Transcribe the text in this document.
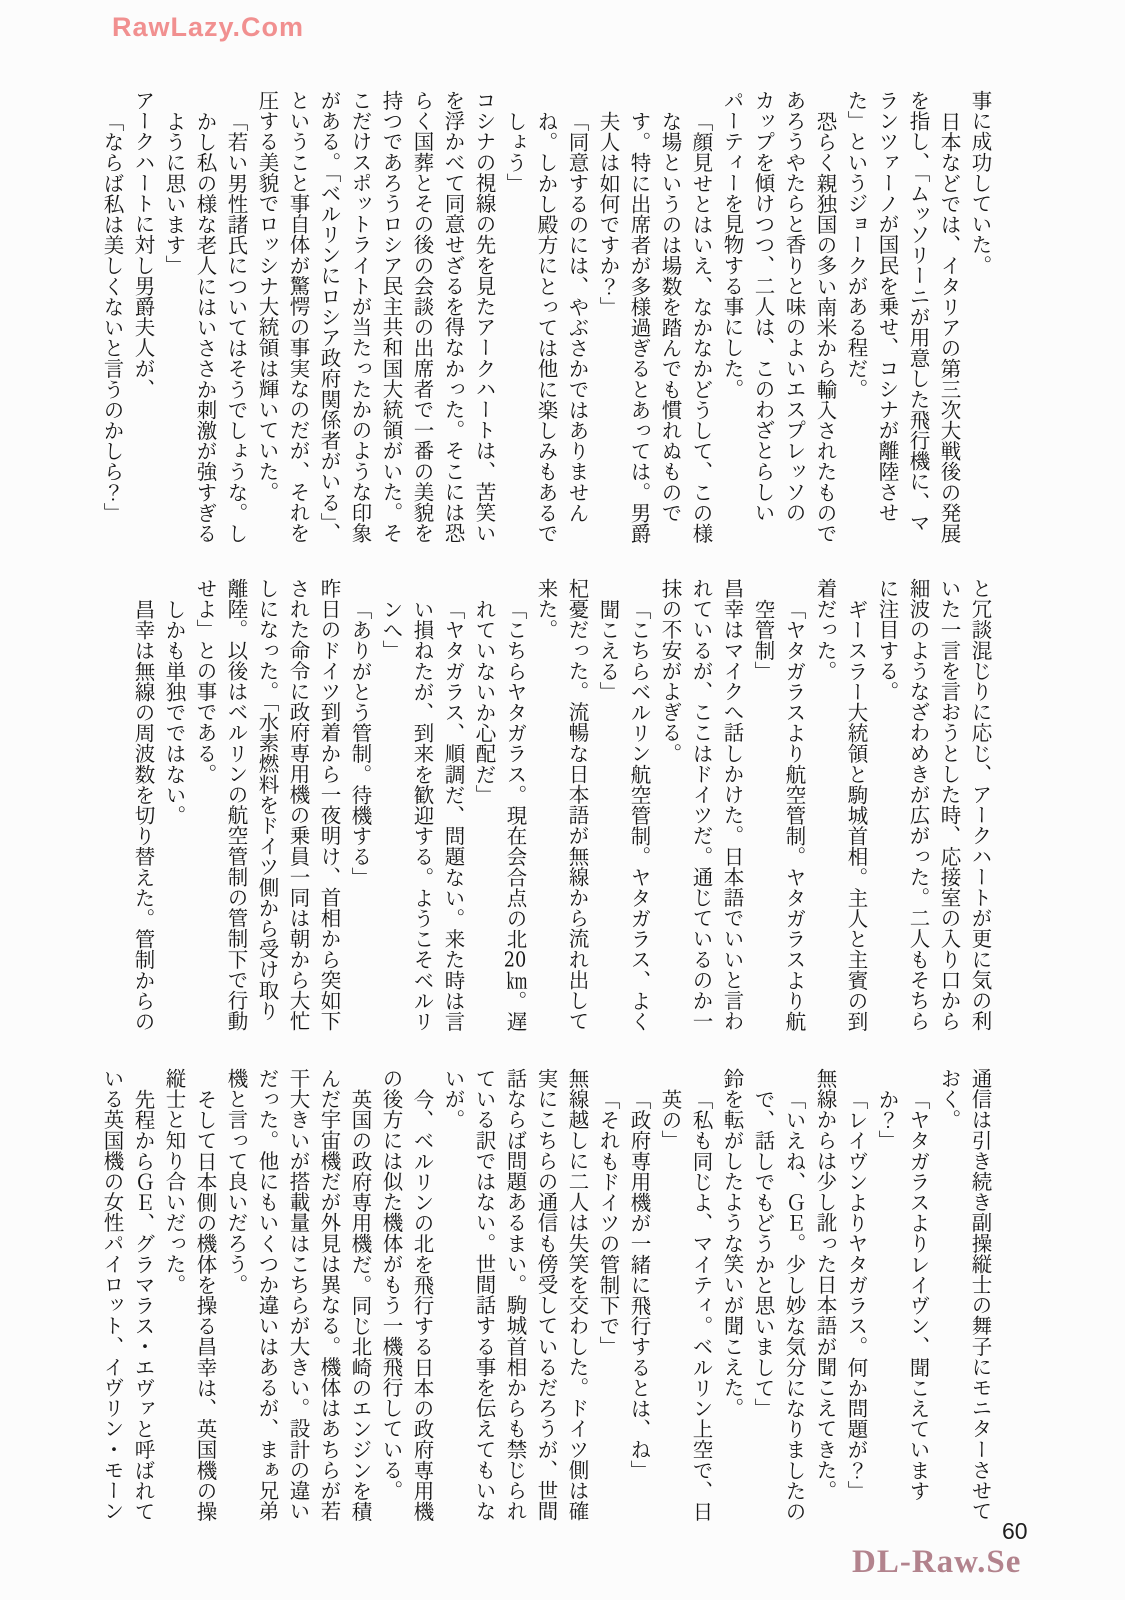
RawLazy.Com

事に成功していた。

日本などでは、イタリアの第三次大戦後の発展を指し、「ムッソリーニが用意した飛行機に、マランツァーノが国民を乗せ、コシナが離陸させた」というジョークがある程だ。

恐らく親独国の多い南米から輸入されたものであろうやたらと香りと味のよいエスプレッソのカップを傾けつつ、二人は、このわざとらしいパーティーを見物する事にした。

「顔見せとはいえ、なかなかどうして、この様な場というのは場数を踏んでも慣れぬものです。特に出席者が多様過ぎるとあっては。男爵夫人は如何ですか？」

「同意するのには、やぶさかではありませんね。しかし殿方にとっては他に楽しみもあるでしょう」

コシナの視線の先を見たアークハートは、苦笑いを浮かべて同意せざるを得なかった。そこには恐らく国葬とその後の会談の出席者で一番の美貌を持つであろうロシア民主共和国大統領がいた。そこだけスポットライトが当たったかのような印象がある。「ベルリンにロシア政府関係者がいる」、ということ事自体が驚愕の事実なのだが、それを圧する美貌でロッシナ大統領は輝いていた。

「若い男性諸氏についてはそうでしょうな。しかし私の様な老人にはいささか刺激が強すぎるように思います」

アークハートに対し男爵夫人が、

「ならば私は美しくないと言うのかしら？」

と冗談混じりに応じ、アークハートが更に気の利いた一言を言おうとした時、応接室の入り口から細波のようなざわめきが広がった。二人もそちらに注目する。

ギースラー大統領と駒城首相。主人と主賓の到着だった。

「ヤタガラスより航空管制。ヤタガラスより航空管制」

昌幸はマイクへ話しかけた。日本語でいいと言われているが、ここはドイツだ。通じているのか一抹の不安がよぎる。

「こちらベルリン航空管制。ヤタガラス、よく聞こえる」

杞憂だった。流暢な日本語が無線から流れ出して来た。

「こちらヤタガラス。現在会合点の北20㎞。遅れていないか心配だ」

「ヤタガラス、順調だ、問題ない。来た時は言い損ねたが、到来を歓迎する。ようこそベルリンへ」

「ありがとう管制。待機する」

昨日のドイツ到着から一夜明け、首相から突如下された命令に政府専用機の乗員一同は朝から大忙しになった。「水素燃料をドイツ側から受け取り離陸。以後はベルリンの航空管制の管制下で行動せよ」との事である。

しかも単独でではない。

昌幸は無線の周波数を切り替えた。管制からの

通信は引き続き副操縦士の舞子にモニターさせておく。

「ヤタガラスよりレイヴン、聞こえていますか？」

「レイヴンよりヤタガラス。何か問題が？」

無線からは少し訛った日本語が聞こえてきた。

「いえね、ＧＥ。少し妙な気分になりましたので、話しでもどうかと思いまして」

鈴を転がしたような笑いが聞こえた。

「私も同じよ、マイティ。ベルリン上空で、日英の」

「政府専用機が一緒に飛行するとは、ね」

「それもドイツの管制下で」

無線越しに二人は失笑を交わした。ドイツ側は確実にこちらの通信も傍受しているだろうが、世間話ならば問題あるまい。駒城首相からも禁じられている訳ではない。世間話する事を伝えてもいないが。

今、ベルリンの北を飛行する日本の政府専用機の後方には似た機体がもう一機飛行している。

英国の政府専用機だ。同じ北崎のエンジンを積んだ宇宙機だが外見は異なる。機体はあちらが若干大きいが搭載量はこちらが大きい。設計の違いだった。他にもいくつか違いはあるが、まぁ兄弟機と言って良いだろう。

そして日本側の機体を操る昌幸は、英国機の操縦士と知り合いだった。

先程からＧＥ、グラマラス・エヴァと呼ばれている英国機の女性パイロット、イヴリン・モーン

60
DL-Raw.Se
